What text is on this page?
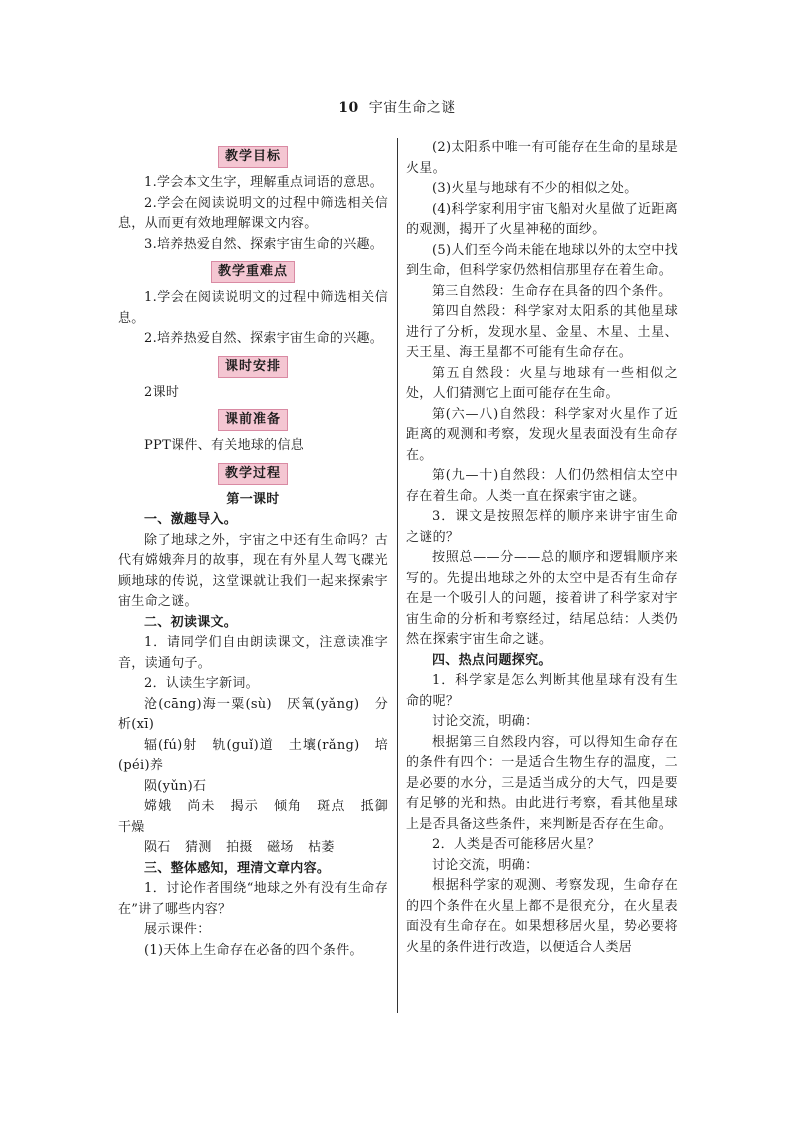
10 宇宙生命之谜
教学目标

1.学会本文生字，理解重点词语的意思。

2.学会在阅读说明文的过程中筛选相关信息，从而更有效地理解课文内容。

3.培养热爱自然、探索宇宙生命的兴趣。

教学重难点

1.学会在阅读说明文的过程中筛选相关信息。

2.培养热爱自然、探索宇宙生命的兴趣。

课时安排

2课时

课前准备

PPT课件、有关地球的信息

教学过程

第一课时

一、激趣导入。

除了地球之外，宇宙之中还有生命吗？古代有嫦娥奔月的故事，现在有外星人驾飞碟光顾地球的传说，这堂课就让我们一起来探索宇宙生命之谜。

二、初读课文。

1．请同学们自由朗读课文，注意读准字音，读通句子。

2．认读生字新词。

沧(cāng)海一粟(sù) 厌氧(yǎng) 分析(xī)

辐(fú)射 轨(guǐ)道 土壤(rǎng) 培(péi)养

陨(yǔn)石

嫦娥 尚未 揭示 倾角 斑点 抵御 干燥

陨石 猜测 拍摄 磁场 枯萎

三、整体感知，理清文章内容。

1．讨论作者围绕“地球之外有没有生命存在”讲了哪些内容？

展示课件：

(1)天体上生命存在必备的四个条件。

(2)太阳系中唯一有可能存在生命的星球是火星。

(3)火星与地球有不少的相似之处。

(4)科学家利用宇宙飞船对火星做了近距离的观测，揭开了火星神秘的面纱。

(5)人们至今尚未能在地球以外的太空中找到生命，但科学家仍然相信那里存在着生命。

第三自然段：生命存在具备的四个条件。

第四自然段：科学家对太阳系的其他星球进行了分析，发现水星、金星、木星、土星、天王星、海王星都不可能有生命存在。

第五自然段：火星与地球有一些相似之处，人们猜测它上面可能存在生命。

第(六—八)自然段：科学家对火星作了近距离的观测和考察，发现火星表面没有生命存在。

第(九—十)自然段：人们仍然相信太空中存在着生命。人类一直在探索宇宙之谜。

3．课文是按照怎样的顺序来讲宇宙生命之谜的？

按照总——分——总的顺序和逻辑顺序来写的。先提出地球之外的太空中是否有生命存在是一个吸引人的问题，接着讲了科学家对宇宙生命的分析和考察经过，结尾总结：人类仍然在探索宇宙生命之谜。

四、热点问题探究。

1．科学家是怎么判断其他星球有没有生命的呢？

讨论交流，明确：

根据第三自然段内容，可以得知生命存在的条件有四个：一是适合生物生存的温度，二是必要的水分，三是适当成分的大气，四是要有足够的光和热。由此进行考察，看其他星球上是否具备这些条件，来判断是否存在生命。

2．人类是否可能移居火星？

讨论交流，明确：

根据科学家的观测、考察发现，生命存在的四个条件在火星上都不是很充分，在火星表面没有生命存在。如果想移居火星，势必要将火星的条件进行改造，以便适合人类居
